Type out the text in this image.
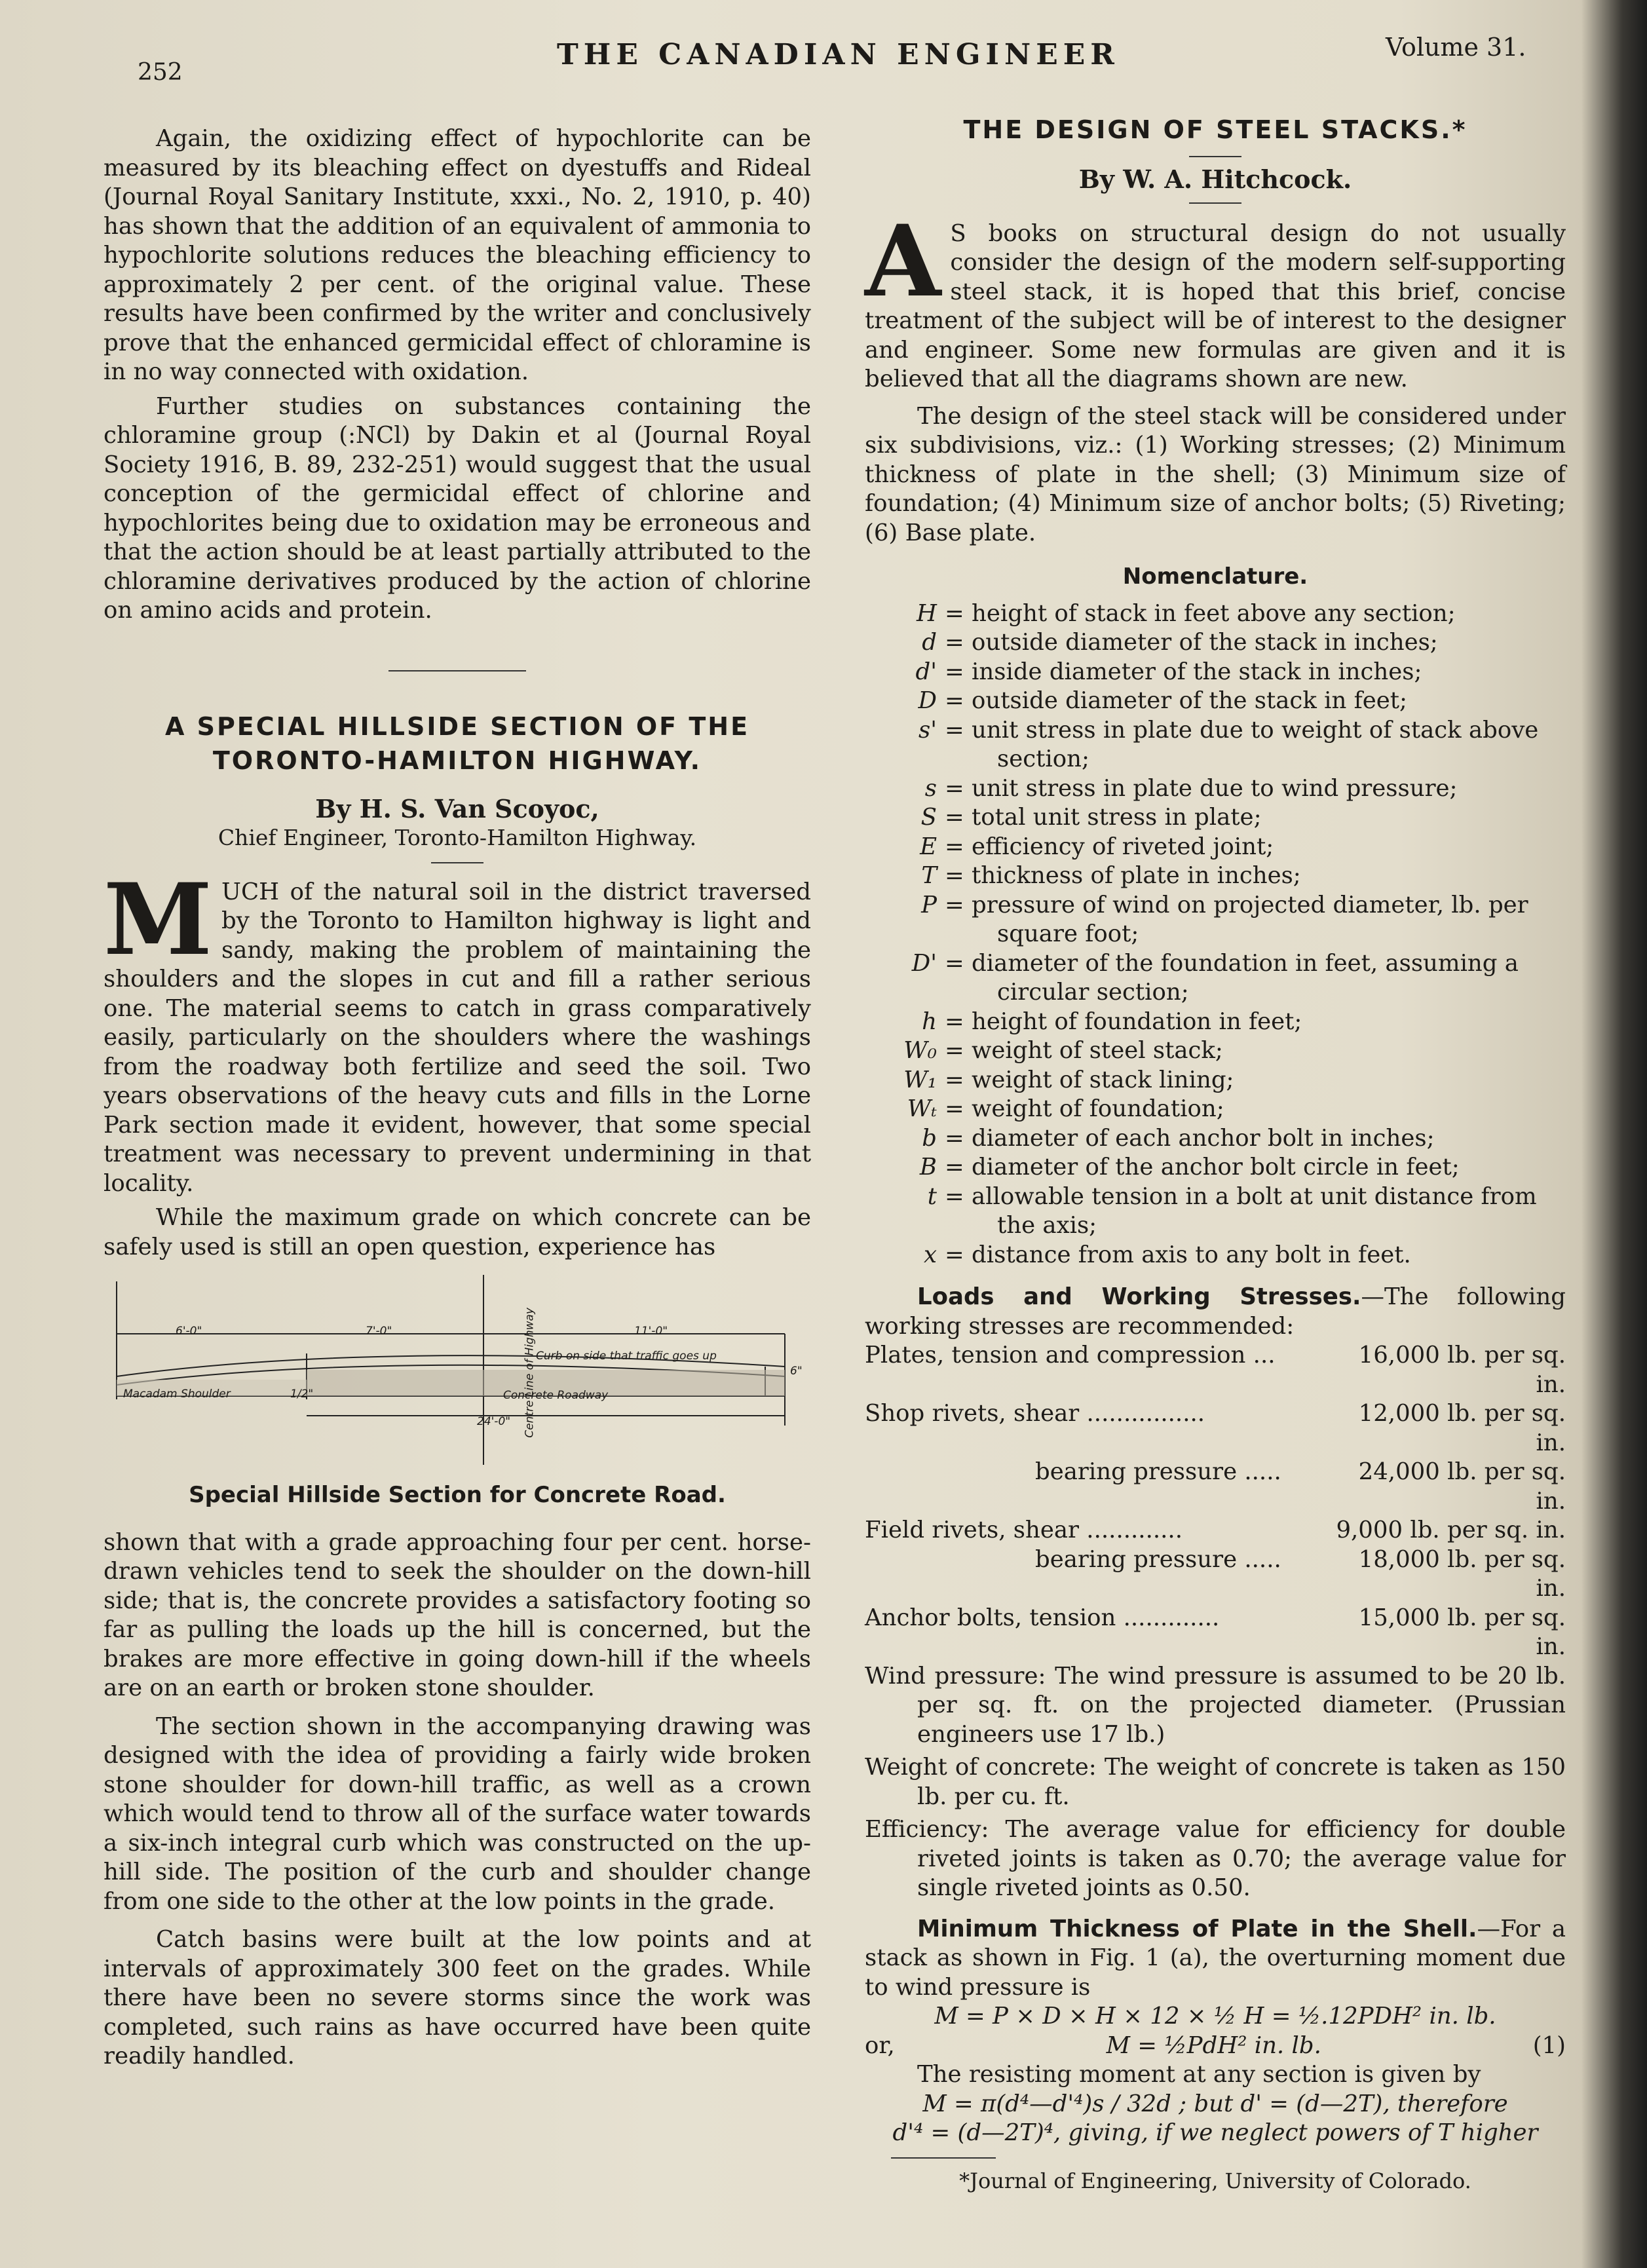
252
THE CANADIAN ENGINEER	Volume 31.

Again, the oxidizing effect of hypochlorite can be measured by its bleaching effect on dyestuffs and Rideal (Journal Royal Sanitary Institute, xxxi., No. 2, 1910, p. 40) has shown that the addition of an equivalent of ammonia to hypochlorite solutions reduces the bleaching efficiency to approximately 2 per cent. of the original value. These results have been confirmed by the writer and conclusively prove that the enhanced germicidal effect of chloramine is in no way connected with oxidation.

Further studies on substances containing the chloramine group (:NCl) by Dakin et al (Journal Royal Society 1916, B. 89, 232-251) would suggest that the usual conception of the germicidal effect of chlorine and hypochlorites being due to oxidation may be erroneous and that the action should be at least partially attributed to the chloramine derivatives produced by the action of chlorine on amino acids and protein.

A SPECIAL HILLSIDE SECTION OF THE TORONTO-HAMILTON HIGHWAY.
By H. S. Van Scoyoc,
Chief Engineer, Toronto-Hamilton Highway.

MUCH of the natural soil in the district traversed by the Toronto to Hamilton highway is light and sandy, making the problem of maintaining the shoulders and the slopes in cut and fill a rather serious one. The material seems to catch in grass comparatively easily, particularly on the shoulders where the washings from the roadway both fertilize and seed the soil. Two years observations of the heavy cuts and fills in the Lorne Park section made it evident, however, that some special treatment was necessary to prevent undermining in that locality.

While the maximum grade on which concrete can be safely used is still an open question, experience has

6'-0"	7'-0"	11'-0"
Centre Line of Highway Curb on side that traffic goes up
Macadam Shoulder	Concrete Roadway
24'-0"
6"
1/2"
Special Hillside Section for Concrete Road.

shown that with a grade approaching four per cent. horse-drawn vehicles tend to seek the shoulder on the down-hill side; that is, the concrete provides a satisfactory footing so far as pulling the loads up the hill is concerned, but the brakes are more effective in going down-hill if the wheels are on an earth or broken stone shoulder.

The section shown in the accompanying drawing was designed with the idea of providing a fairly wide broken stone shoulder for down-hill traffic, as well as a crown which would tend to throw all of the surface water towards a six-inch integral curb which was constructed on the up-hill side. The position of the curb and shoulder change from one side to the other at the low points in the grade.

Catch basins were built at the low points and at intervals of approximately 300 feet on the grades. While there have been no severe storms since the work was completed, such rains as have occurred have been quite readily handled.

THE DESIGN OF STEEL STACKS.*
By W. A. Hitchcock.

A S books on structural design do not usually consider the design of the modern self-supporting steel stack, it is hoped that this brief, concise treatment of the subject will be of interest to the designer and engineer. Some new formulas are given and it is believed that all the diagrams shown are new.

The design of the steel stack will be considered under six subdivisions, viz.: (1) Working stresses; (2) Minimum thickness of plate in the shell; (3) Minimum size of foundation; (4) Minimum size of anchor bolts; (5) Riveting; (6) Base plate.

Nomenclature.
H = height of stack in feet above any section;
d = outside diameter of the stack in inches;
d' = inside diameter of the stack in inches;
D = outside diameter of the stack in feet;
s' = unit stress in plate due to weight of stack above
section;
s = unit stress in plate due to wind pressure;
S = total unit stress in plate;
E = efficiency of riveted joint;
T = thickness of plate in inches;
P = pressure of wind on projected diameter, lb. per
square foot;
D' = diameter of the foundation in feet, assuming a
circular section;
h = height of foundation in feet;
W₀ = weight of steel stack;
W₁ = weight of stack lining;
Wₜ = weight of foundation;
b = diameter of each anchor bolt in inches;
B = diameter of the anchor bolt circle in feet;
t = allowable tension in a bolt at unit distance from
the axis;
x = distance from axis to any bolt in feet.

Loads and Working Stresses.—The following working stresses are recommended:

Plates, tension and compression ...	16,000 lb. per sq. in.
Shop rivets, shear ................	12,000 lb. per sq. in.
bearing pressure .....	24,000 lb. per sq. in.
Field rivets, shear .............	9,000 lb. per sq. in.
bearing pressure .....	18,000 lb. per sq. in.
Anchor bolts, tension .............	15,000 lb. per sq. in.
Wind pressure: The wind pressure is assumed to be 20 lb. per sq. ft. on the projected diameter. (Prussian engineers use 17 lb.)
Weight of concrete: The weight of concrete is taken as 150 lb. per cu. ft.
Efficiency: The average value for efficiency for double riveted joints is taken as 0.70; the average value for single riveted joints as 0.50.

Minimum Thickness of Plate in the Shell.—For a stack as shown in Fig. 1 (a), the overturning moment due to wind pressure is

M = P × D × H × 12 × ½ H = ½.12PDH² in. lb.
or,	M = ½PdH² in. lb.	(1)

The resisting moment at any section is given by

M = π(d⁴—d'⁴)s / 32d ; but d' = (d—2T), therefore
d'⁴ = (d—2T)⁴, giving, if we neglect powers of T higher
*Journal of Engineering, University of Colorado.
